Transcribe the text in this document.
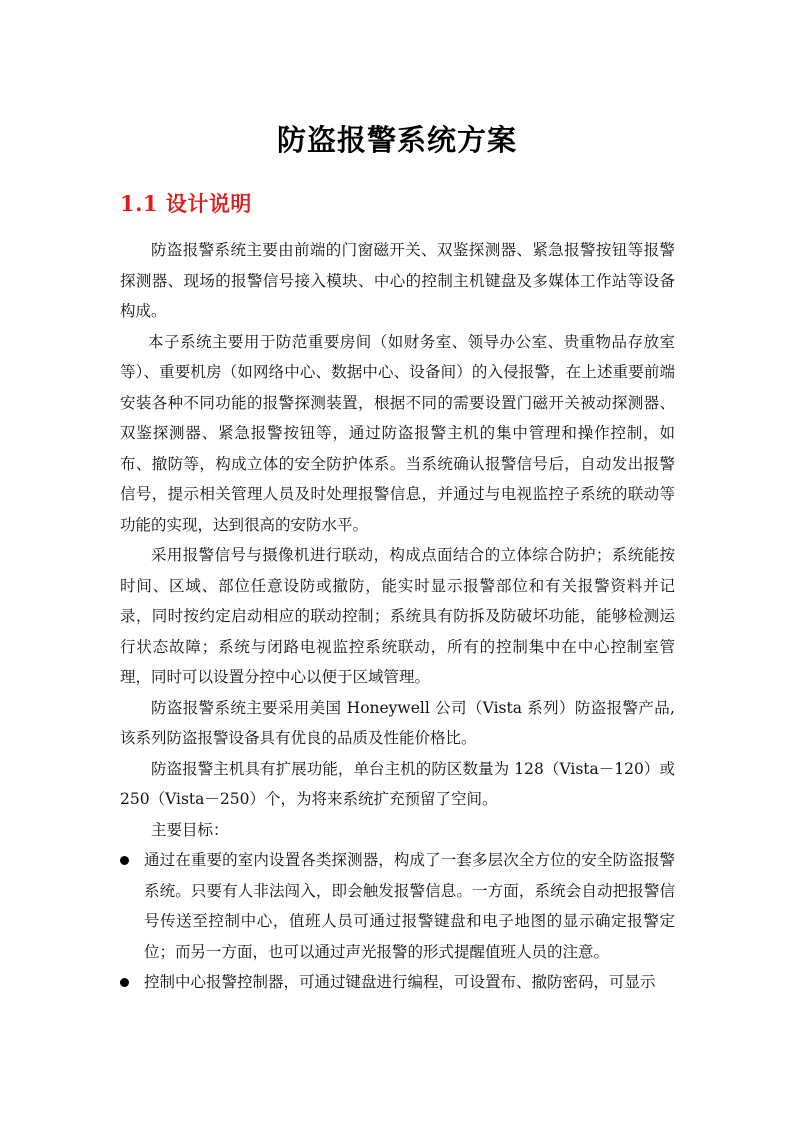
防盗报警系统方案
1.1 设计说明

防盗报警系统主要由前端的门窗磁开关、双鉴探测器、紧急报警按钮等报警探测器、现场的报警信号接入模块、中心的控制主机键盘及多媒体工作站等设备构成。

本子系统主要用于防范重要房间（如财务室、领导办公室、贵重物品存放室等）、重要机房（如网络中心、数据中心、设备间）的入侵报警，在上述重要前端安装各种不同功能的报警探测装置，根据不同的需要设置门磁开关被动探测器、双鉴探测器、紧急报警按钮等，通过防盗报警主机的集中管理和操作控制，如布、撤防等，构成立体的安全防护体系。当系统确认报警信号后，自动发出报警信号，提示相关管理人员及时处理报警信息，并通过与电视监控子系统的联动等功能的实现，达到很高的安防水平。

采用报警信号与摄像机进行联动，构成点面结合的立体综合防护；系统能按时间、区域、部位任意设防或撤防，能实时显示报警部位和有关报警资料并记录，同时按约定启动相应的联动控制；系统具有防拆及防破坏功能，能够检测运行状态故障；系统与闭路电视监控系统联动，所有的控制集中在中心控制室管理，同时可以设置分控中心以便于区域管理。

防盗报警系统主要采用美国 Honeywell 公司（Vista 系列）防盗报警产品,该系列防盗报警设备具有优良的品质及性能价格比。

防盗报警主机具有扩展功能，单台主机的防区数量为 128（Vista－120）或 250（Vista－250）个，为将来系统扩充预留了空间。

主要目标：

通过在重要的室内设置各类探测器，构成了一套多层次全方位的安全防盗报警系统。只要有人非法闯入，即会触发报警信息。一方面，系统会自动把报警信号传送至控制中心，值班人员可通过报警键盘和电子地图的显示确定报警定位；而另一方面，也可以通过声光报警的形式提醒值班人员的注意。
控制中心报警控制器，可通过键盘进行编程，可设置布、撤防密码，可显示
